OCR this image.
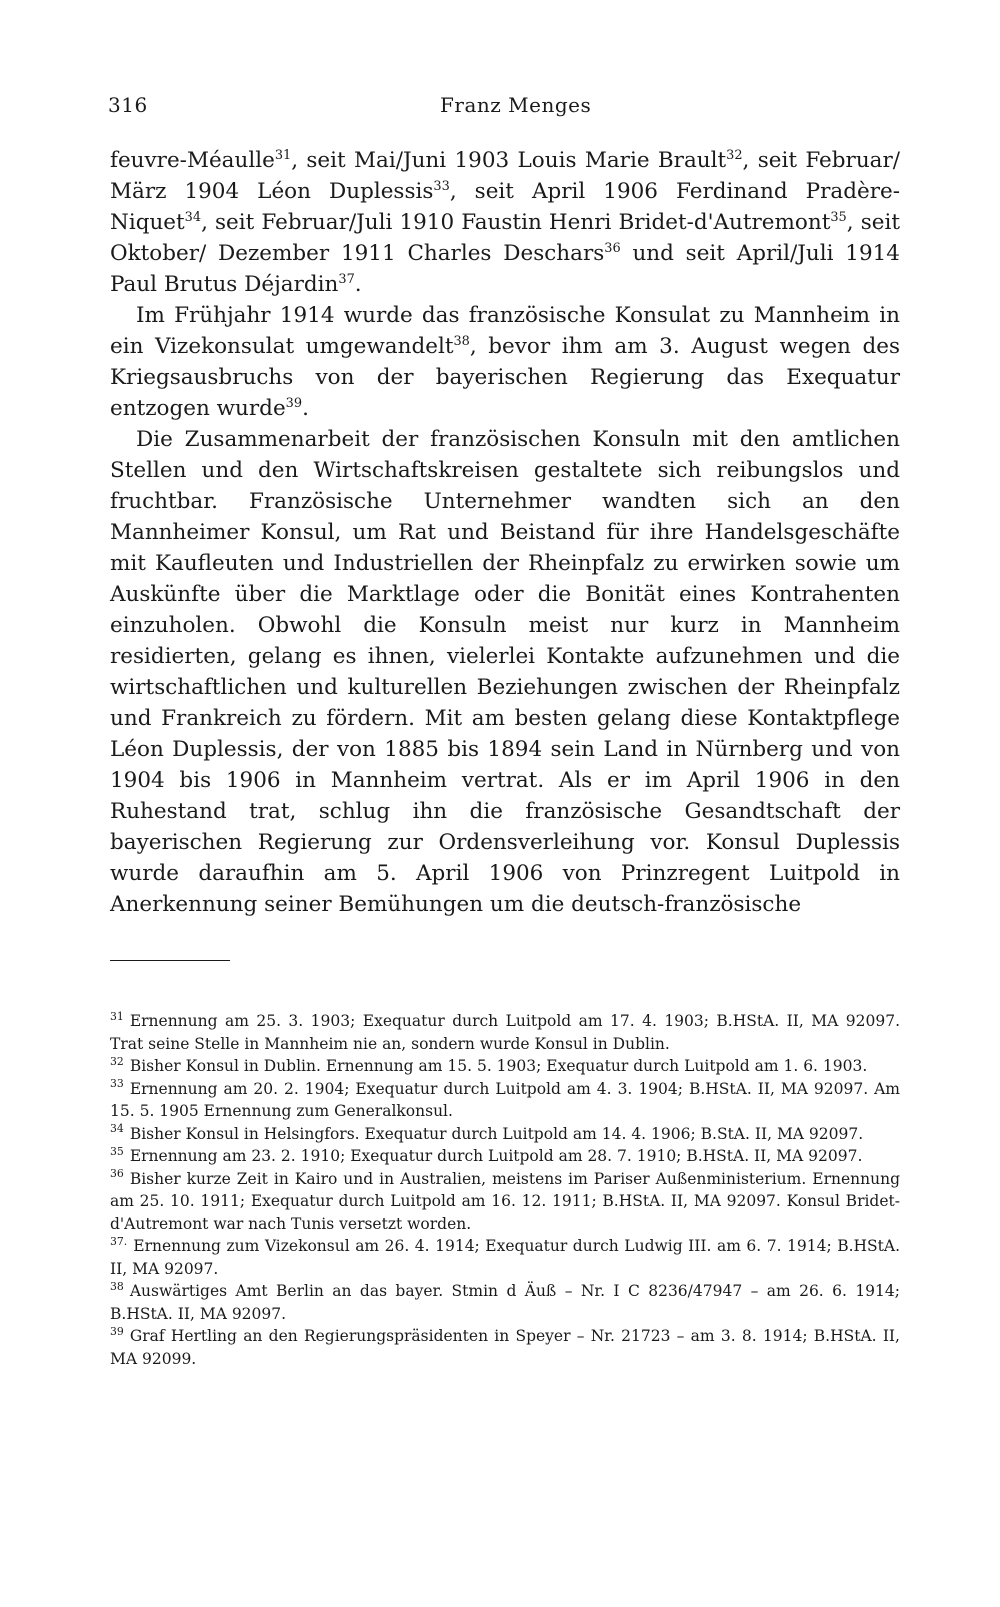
316	Franz Menges

feuvre-Méaulle$^{31}$, seit Mai/Juni 1903 Louis Marie Brault$^{32}$, seit Februar/ März 1904 Léon Duplessis$^{33}$, seit April 1906 Ferdinand Pradère-Niquet$^{34}$, seit Februar/Juli 1910 Faustin Henri Bridet-d'Autremont$^{35}$, seit Oktober/ Dezember 1911 Charles Deschars$^{36}$ und seit April/Juli 1914 Paul Brutus Déjardin$^{37}$.

Im Frühjahr 1914 wurde das französische Konsulat zu Mannheim in ein Vizekonsulat umgewandelt$^{38}$, bevor ihm am 3. August wegen des Kriegsausbruchs von der bayerischen Regierung das Exequatur entzogen wurde$^{39}$.

Die Zusammenarbeit der französischen Konsuln mit den amtlichen Stellen und den Wirtschaftskreisen gestaltete sich reibungslos und fruchtbar. Französische Unternehmer wandten sich an den Mannheimer Konsul, um Rat und Beistand für ihre Handelsgeschäfte mit Kaufleuten und Industriellen der Rheinpfalz zu erwirken sowie um Auskünfte über die Marktlage oder die Bonität eines Kontrahenten einzuholen. Obwohl die Konsuln meist nur kurz in Mannheim residierten, gelang es ihnen, vielerlei Kontakte aufzunehmen und die wirtschaftlichen und kulturellen Beziehungen zwischen der Rheinpfalz und Frankreich zu fördern. Mit am besten gelang diese Kontaktpflege Léon Duplessis, der von 1885 bis 1894 sein Land in Nürnberg und von 1904 bis 1906 in Mannheim vertrat. Als er im April 1906 in den Ruhestand trat, schlug ihn die französische Gesandtschaft der bayerischen Regierung zur Ordensverleihung vor. Konsul Duplessis wurde daraufhin am 5. April 1906 von Prinzregent Luitpold in Anerkennung seiner Bemühungen um die deutsch-französische

$^{31}$ Ernennung am 25. 3. 1903; Exequatur durch Luitpold am 17. 4. 1903; B.HStA. II, MA 92097. Trat seine Stelle in Mannheim nie an, sondern wurde Konsul in Dublin.

$^{32}$ Bisher Konsul in Dublin. Ernennung am 15. 5. 1903; Exequatur durch Luitpold am 1. 6. 1903.

$^{33}$ Ernennung am 20. 2. 1904; Exequatur durch Luitpold am 4. 3. 1904; B.HStA. II, MA 92097. Am 15. 5. 1905 Ernennung zum Generalkonsul.

$^{34}$ Bisher Konsul in Helsingfors. Exequatur durch Luitpold am 14. 4. 1906; B.StA. II, MA 92097.

$^{35}$ Ernennung am 23. 2. 1910; Exequatur durch Luitpold am 28. 7. 1910; B.HStA. II, MA 92097.

$^{36}$ Bisher kurze Zeit in Kairo und in Australien, meistens im Pariser Außenministerium. Ernennung am 25. 10. 1911; Exequatur durch Luitpold am 16. 12. 1911; B.HStA. II, MA 92097. Konsul Bridet-d'Autremont war nach Tunis versetzt worden.

$^{37.}$ Ernennung zum Vizekonsul am 26. 4. 1914; Exequatur durch Ludwig III. am 6. 7. 1914; B.HStA. II, MA 92097.

$^{38}$ Auswärtiges Amt Berlin an das bayer. Stmin d Äuß – Nr. I C 8236/47947 – am 26. 6. 1914; B.HStA. II, MA 92097.

$^{39}$ Graf Hertling an den Regierungspräsidenten in Speyer – Nr. 21723 – am 3. 8. 1914; B.HStA. II, MA 92099.
